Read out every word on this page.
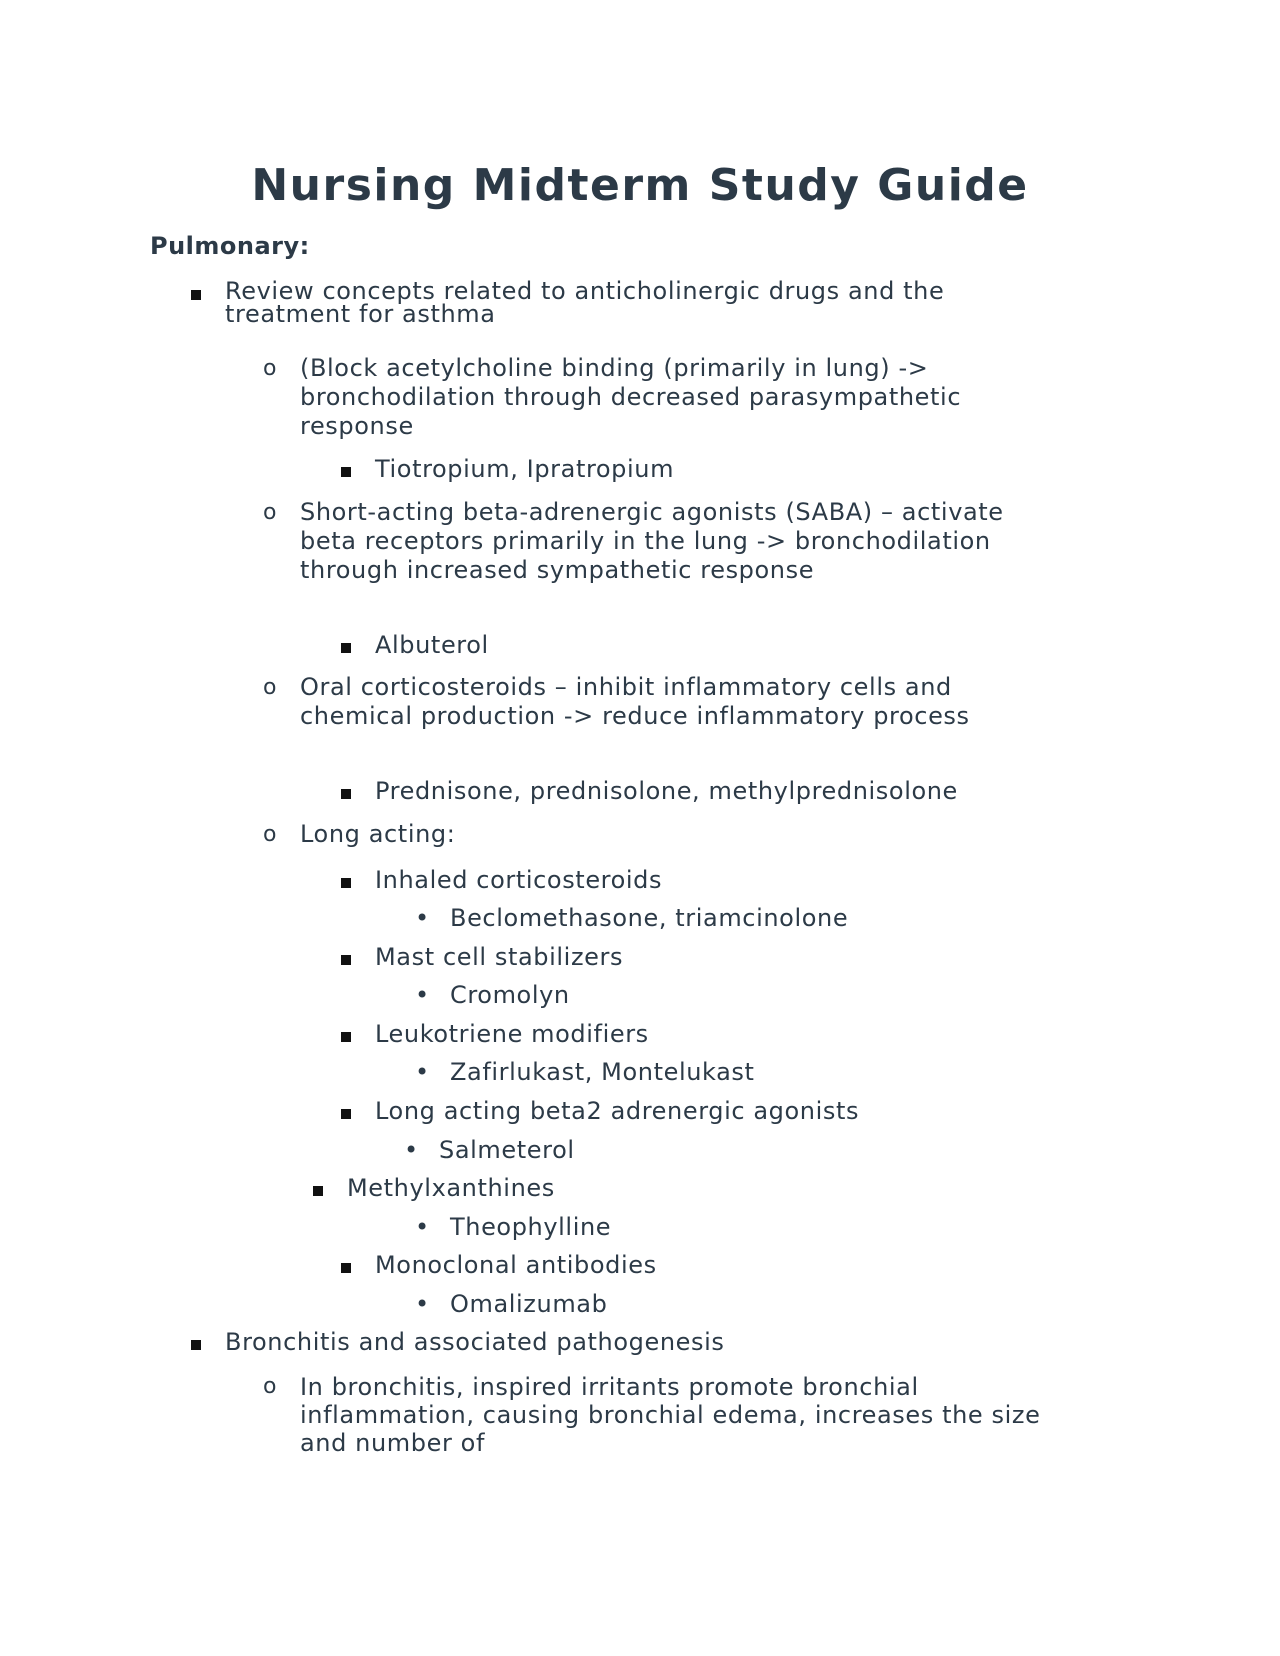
Nursing Midterm Study Guide
Pulmonary:
Review concepts related to anticholinergic drugs and the treatment for asthma
o (Block acetylcholine binding (primarily in lung) -> bronchodilation through decreased parasympathetic response
Tiotropium, Ipratropium
o Short-acting beta-adrenergic agonists (SABA) – activate beta receptors primarily in the lung -> bronchodilation through increased sympathetic response
Albuterol
o Oral corticosteroids – inhibit inflammatory cells and chemical production -> reduce inflammatory process
Prednisone, prednisolone, methylprednisolone
o Long acting:
Inhaled corticosteroids
• Beclomethasone, triamcinolone
Mast cell stabilizers
• Cromolyn
Leukotriene modifiers
• Zafirlukast, Montelukast
Long acting beta2 adrenergic agonists
• Salmeterol
Methylxanthines
• Theophylline
Monoclonal antibodies
• Omalizumab
Bronchitis and associated pathogenesis
o In bronchitis, inspired irritants promote bronchial inflammation, causing bronchial edema, increases the size and number of
